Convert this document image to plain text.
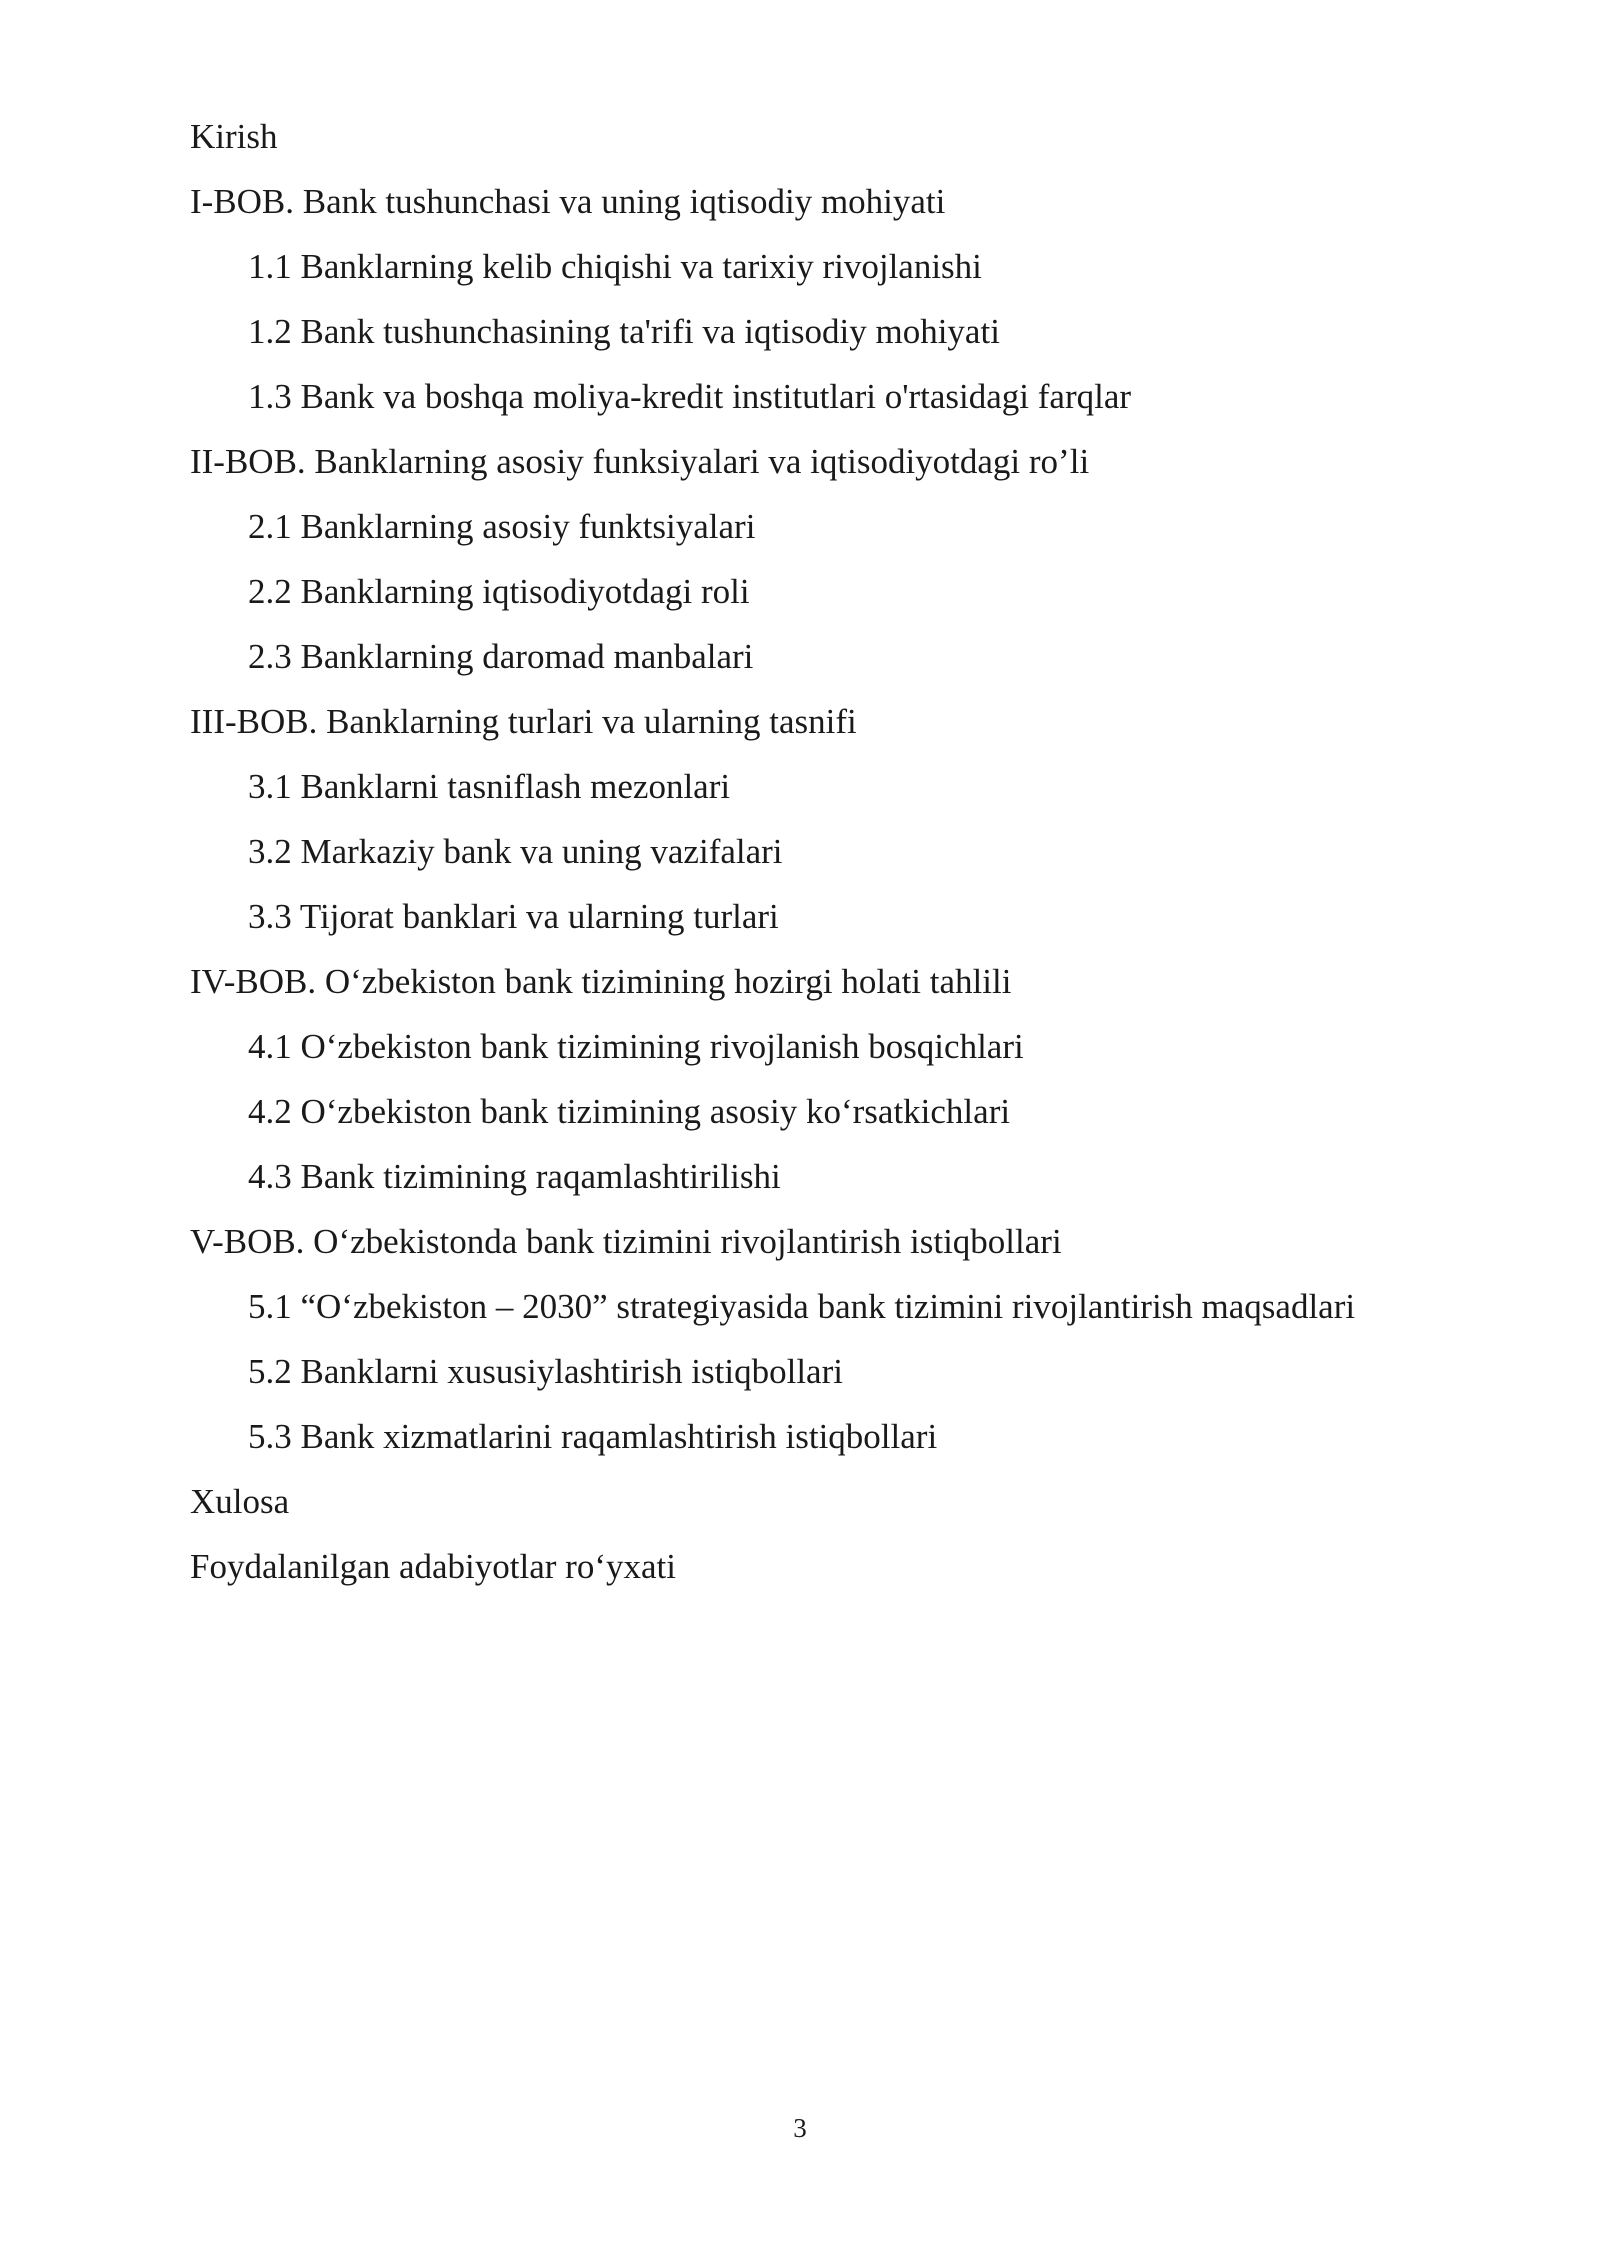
Kirish
I-BOB. Bank tushunchasi va uning iqtisodiy mohiyati
1.1 Banklarning kelib chiqishi va tarixiy rivojlanishi
1.2 Bank tushunchasining ta'rifi va iqtisodiy mohiyati
1.3 Bank va boshqa moliya-kredit institutlari o'rtasidagi farqlar
II-BOB. Banklarning asosiy funksiyalari va iqtisodiyotdagi ro’li
2.1 Banklarning asosiy funktsiyalari
2.2 Banklarning iqtisodiyotdagi roli
2.3 Banklarning daromad manbalari
III-BOB. Banklarning turlari va ularning tasnifi
3.1 Banklarni tasniflash mezonlari
3.2 Markaziy bank va uning vazifalari
3.3 Tijorat banklari va ularning turlari
IV-BOB. O‘zbekiston bank tizimining hozirgi holati tahlili
4.1 O‘zbekiston bank tizimining rivojlanish bosqichlari
4.2 O‘zbekiston bank tizimining asosiy ko‘rsatkichlari
4.3 Bank tizimining raqamlashtirilishi
V-BOB. O‘zbekistonda bank tizimini rivojlantirish istiqbollari
5.1 “O‘zbekiston – 2030” strategiyasida bank tizimini rivojlantirish maqsadlari
5.2 Banklarni xususiylashtirish istiqbollari
5.3 Bank xizmatlarini raqamlashtirish istiqbollari
Xulosa
Foydalanilgan adabiyotlar ro‘yxati
3
